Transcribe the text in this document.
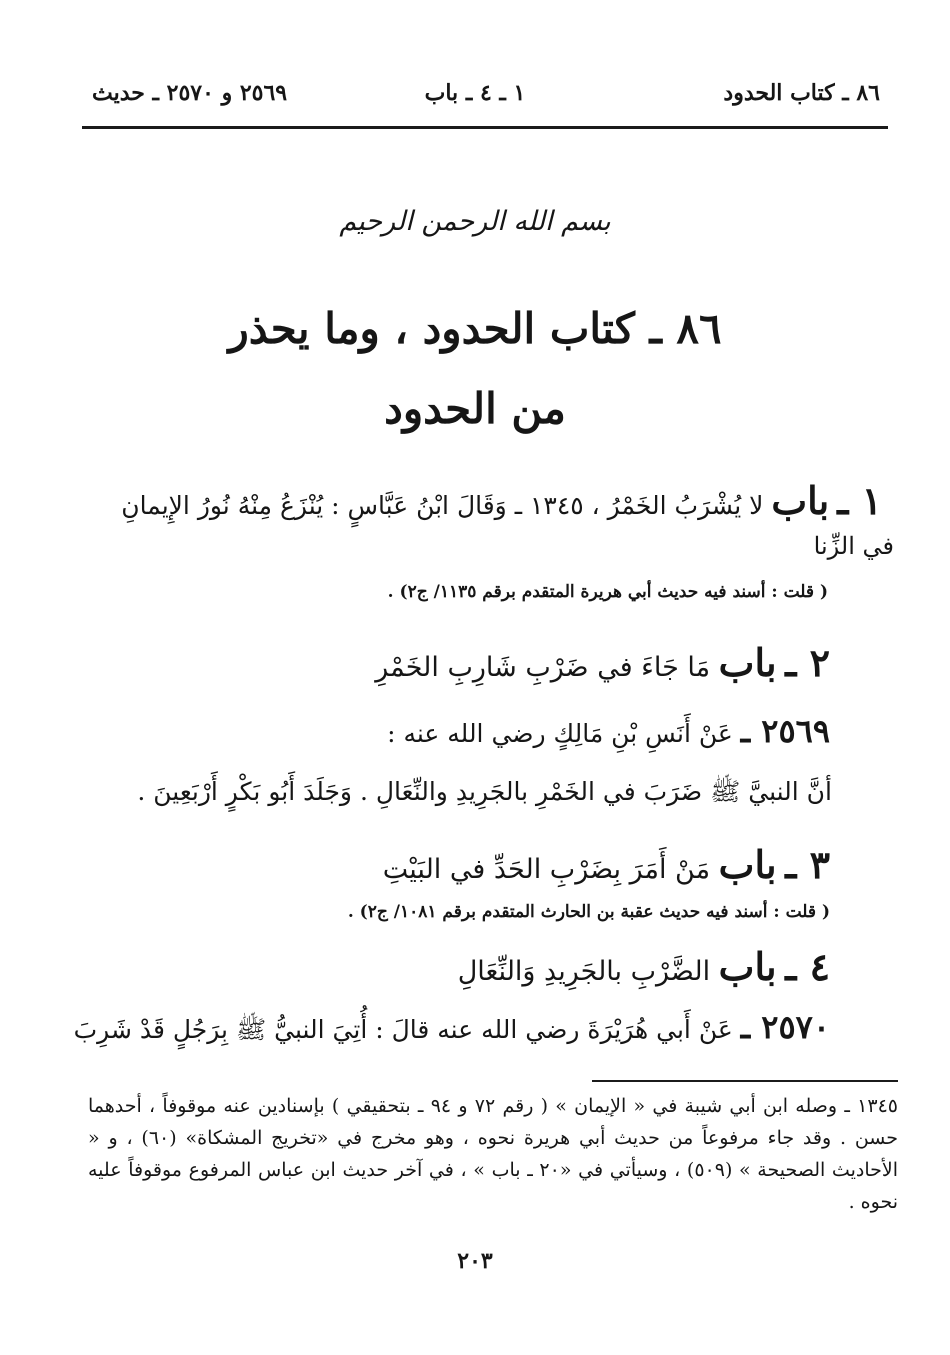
٨٦ ـ كتاب الحدود
١ ـ ٤ ـ باب
٢٥٦٩ و ٢٥٧٠ ـ حديث
بسم الله الرحمن الرحيم
٨٦ ـ كتاب الحدود ، وما يحذر
من الحدود
١ ـ باب لا يُشْرَبُ الخَمْرُ ، ١٣٤٥ ـ وَقَالَ ابْنُ عَبَّاسٍ : يُنْزَعُ مِنْهُ نُورُ الإِيمانِ
في الزِّنا
( قلت : أسند فيه حديث أبي هريرة المتقدم برقم ١١٣٥/ ج٢) .
٢ ـ باب مَا جَاءَ في ضَرْبِ شَارِبِ الخَمْرِ
٢٥٦٩ ـ عَنْ أَنَسِ بْنِ مَالِكٍ رضي الله عنه :
أنَّ النبيَّ ﷺ ضَرَبَ في الخَمْرِ بالجَرِيدِ والنِّعَالِ . وَجَلَدَ أَبُو بَكْرٍ أَرْبَعِينَ .
٣ ـ باب مَنْ أَمَرَ بِضَرْبِ الحَدِّ في البَيْتِ
( قلت : أسند فيه حديث عقبة بن الحارث المتقدم برقم ١٠٨١/ ج٢) .
٤ ـ باب الضَّرْبِ بالجَرِيدِ وَالنِّعَالِ
٢٥٧٠ ـ عَنْ أَبي هُرَيْرَةَ رضي الله عنه قالَ : أُتِيَ النبيُّ ﷺ بِرَجُلٍ قَدْ شَرِبَ
١٣٤٥ ـ وصله ابن أبي شيبة في « الإيمان » ( رقم ٧٢ و ٩٤ ـ بتحقيقي ) بإسنادين عنه موقوفاً ، أحدهما حسن . وقد جاء مرفوعاً من حديث أبي هريرة نحوه ، وهو مخرج في «تخريج المشكاة» (٦٠) ، و « الأحاديث الصحيحة » (٥٠٩) ، وسيأتي في «٢٠ ـ باب » ، في آخر حديث ابن عباس المرفوع موقوفاً عليه نحوه .
٢٠٣
